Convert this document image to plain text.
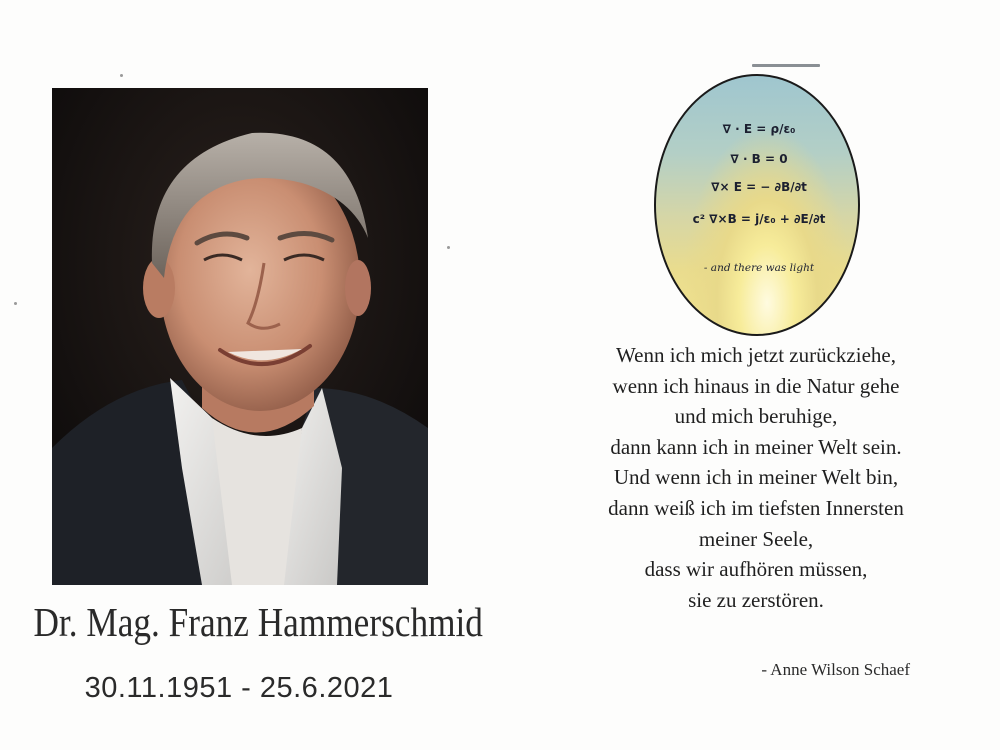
Dr. Mag. Franz Hammerschmid
30.11.1951 - 25.6.2021
∇ · E = ρ/ε₀
∇ · B = 0
∇× E = − ∂B/∂t
c² ∇×B = j/ε₀ + ∂E/∂t
- and there was light
Wenn ich mich jetzt zurückziehe,
wenn ich hinaus in die Natur gehe
und mich beruhige,
dann kann ich in meiner Welt sein.
Und wenn ich in meiner Welt bin,
dann weiß ich im tiefsten Innersten
meiner Seele,
dass wir aufhören müssen,
sie zu zerstören.
- Anne Wilson Schaef
